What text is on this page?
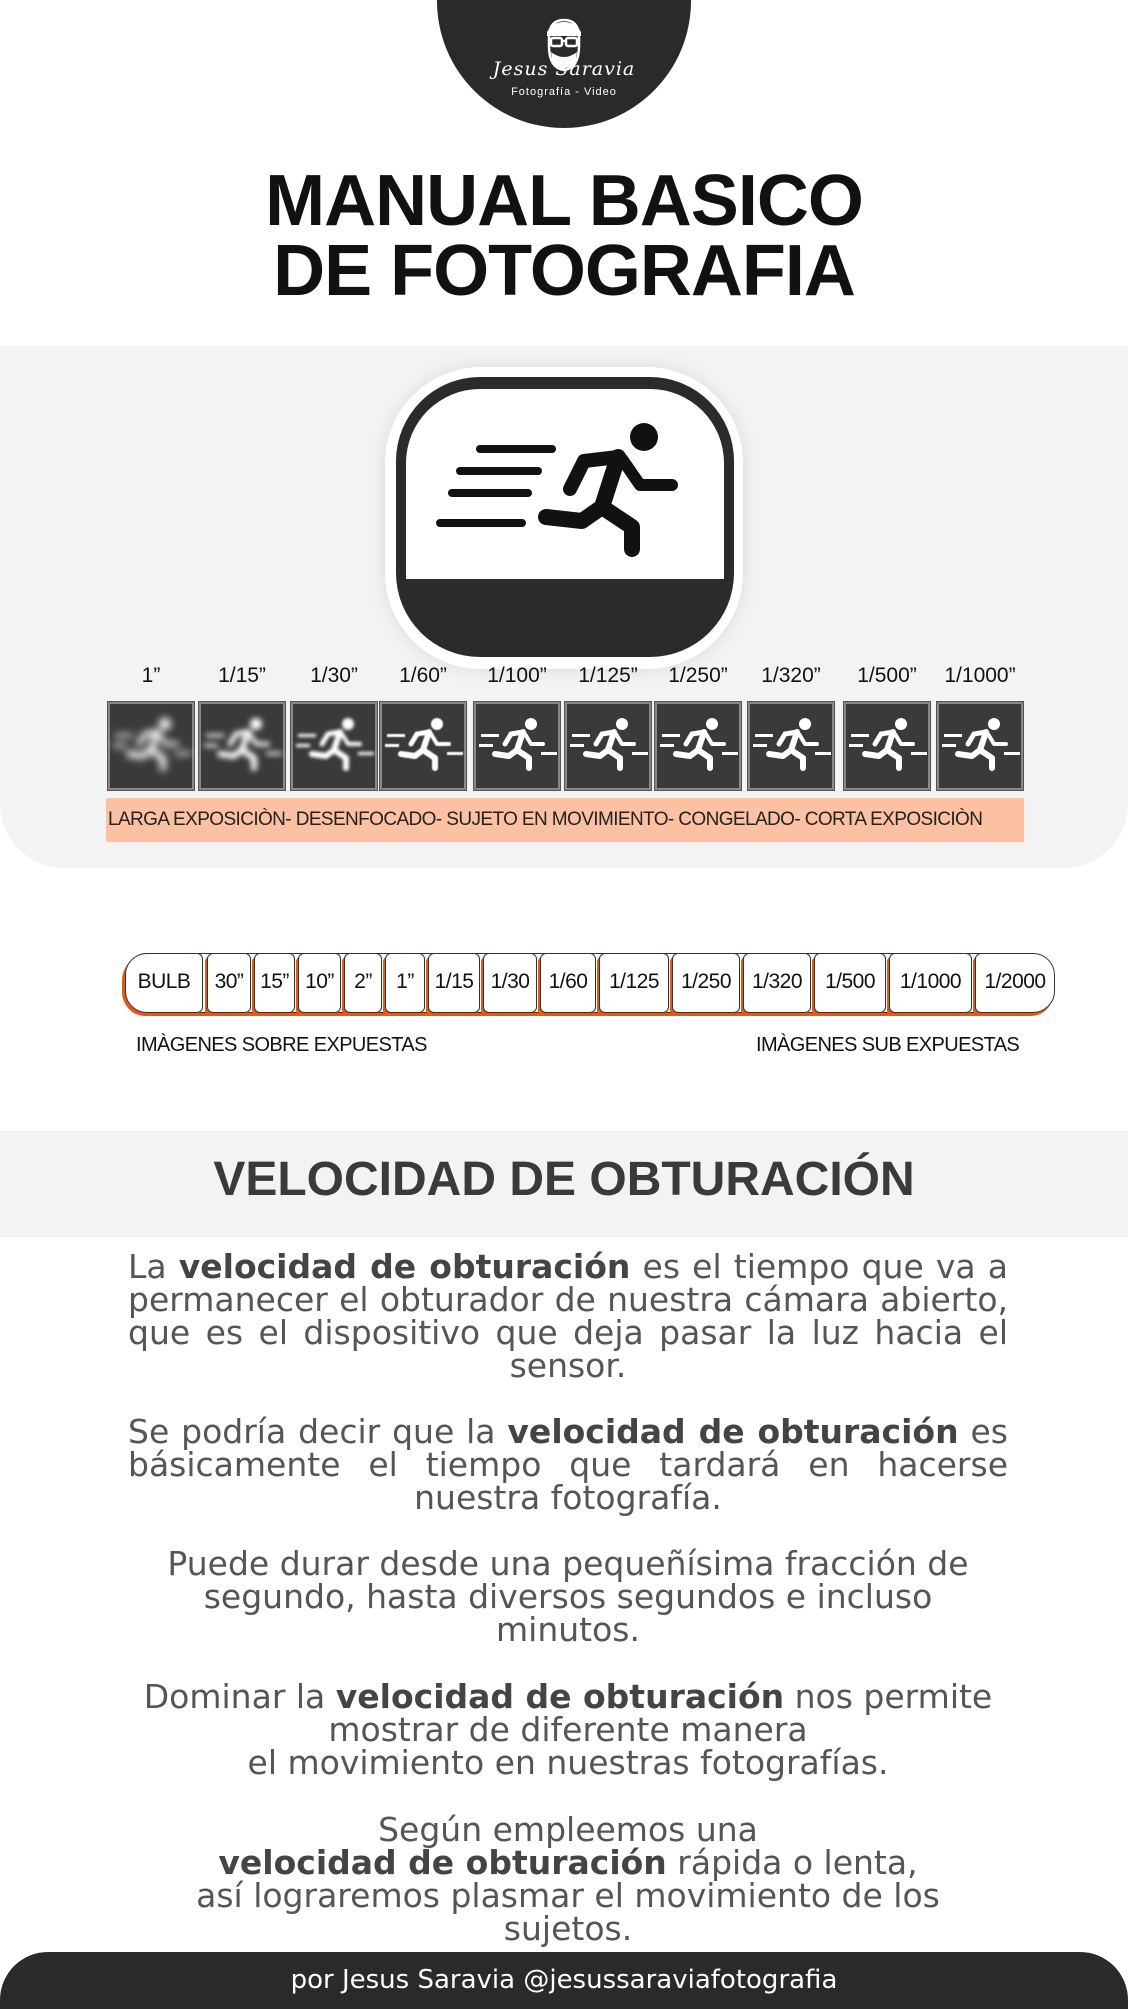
Jesus Saravia
Fotografía - Video
MANUAL BASICO
DE FOTOGRAFIA
1”	1/15”	1/30”	1/60”	1/100”	1/125”	1/250”	1/320”	1/500”	1/1000”
LARGA EXPOSICIÒN- DESENFOCADO- SUJETO EN MOVIMIENTO- CONGELADO- CORTA EXPOSICIÒN
BULB	30” 15” 10” 2”	1” 1/15 1/30 1/60	1/125	1/250 1/320	1/500	1/1000	1/2000
IMÀGENES SOBRE EXPUESTAS	IMÀGENES SUB EXPUESTAS
VELOCIDAD DE OBTURACIÓN
La velocidad de obturación es el tiempo que va a permanecer el obturador de nuestra cámara abierto, que es el dispositivo que deja pasar la luz hacia el sensor.
Se podría decir que la velocidad de obturación es básicamente el tiempo que tardará en hacerse nuestra fotografía.
Puede durar desde una pequeñísima fracción de segundo, hasta diversos segundos e incluso minutos.
Dominar la velocidad de obturación nos permite mostrar de diferente manera
el movimiento en nuestras fotografías.
Según empleemos una
velocidad de obturación rápida o lenta,
así lograremos plasmar el movimiento de los sujetos.
por Jesus Saravia @jesussaraviafotografia
